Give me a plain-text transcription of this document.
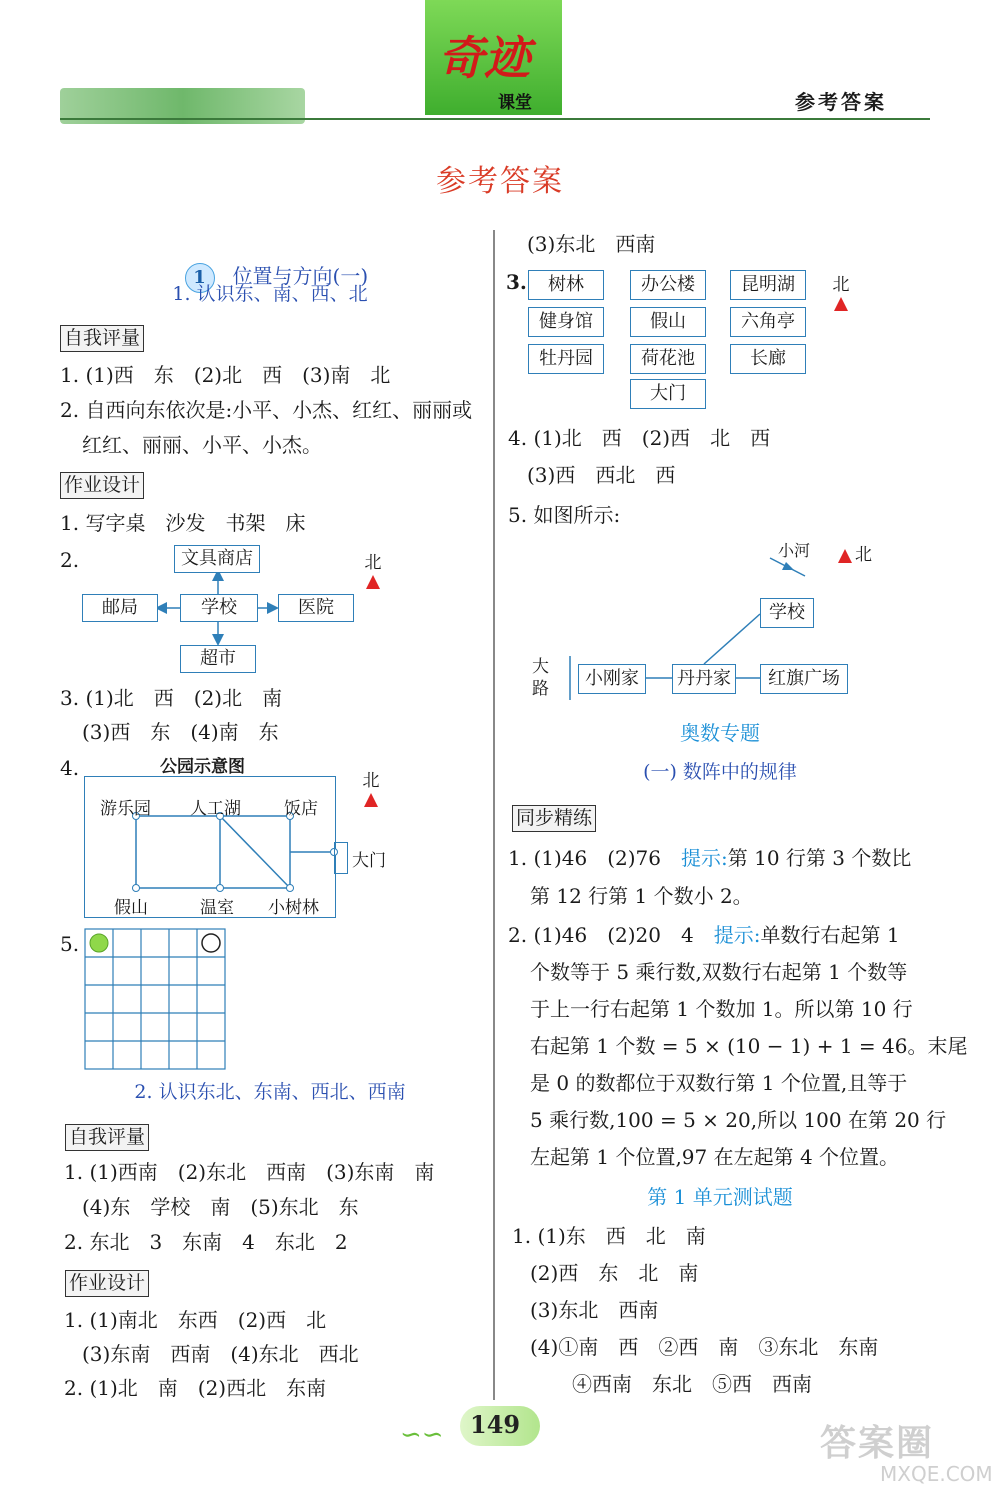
奇迹
课堂	参考答案
参考答案

1 位置与方向(一)

1. 认识东、南、西、北
自我评量
1. (1)西　东　(2)北　西　(3)南　北
2. 自西向东依次是:小平、小杰、红红、丽丽或
红红、丽丽、小平、小杰。
作业设计
1. 写字桌　沙发　书架　床
2.	文具商店
邮局	学校	医院
超市
北
3. (1)北　西　(2)北　南
(3)西　东　(4)南　东
4.	公园示意图
游乐园 人工湖	饭店
假山	温室 小树林
大门
北
5.
2. 认识东北、东南、西北、西南
自我评量
1. (1)西南　(2)东北　西南　(3)东南　南
(4)东　学校　南　(5)东北　东
2. 东北　3　东南　4　东北　2
作业设计
1. (1)南北　东西　(2)西　北
(3)东南　西南　(4)东北　西北
2. (1)北　南　(2)西北　东南
(3)东北　西南
3.	树林
健身馆
牡丹园
办公楼
假山
荷花池
大门
昆明湖
六角亭
长廊
北
4. (1)北　西　(2)西　北　西
(3)西　西北　西
5. 如图所示:
小河	北
学校
大路	小刚家	丹丹家	红旗广场
奥数专题
(一) 数阵中的规律
同步精练
1. (1)46　(2)76　提示:第 10 行第 3 个数比
第 12 行第 1 个数小 2。
2. (1)46　(2)20　4　提示:单数行右起第 1
个数等于 5 乘行数,双数行右起第 1 个数等
于上一行右起第 1 个数加 1。所以第 10 行
右起第 1 个数 = 5 × (10 − 1) + 1 = 46。末尾
是 0 的数都位于双数行第 1 个位置,且等于
5 乘行数,100 = 5 × 20,所以 100 在第 20 行
左起第 1 个位置,97 在左起第 4 个位置。
第 1 单元测试题
1. (1)东　西　北　南
(2)西　东　北　南
(3)东北　西南
(4)①南　西　②西　南　③东北　东南
④西南　东北　⑤西　西南
∽∽ 149	答案圈
MXQE.COM
